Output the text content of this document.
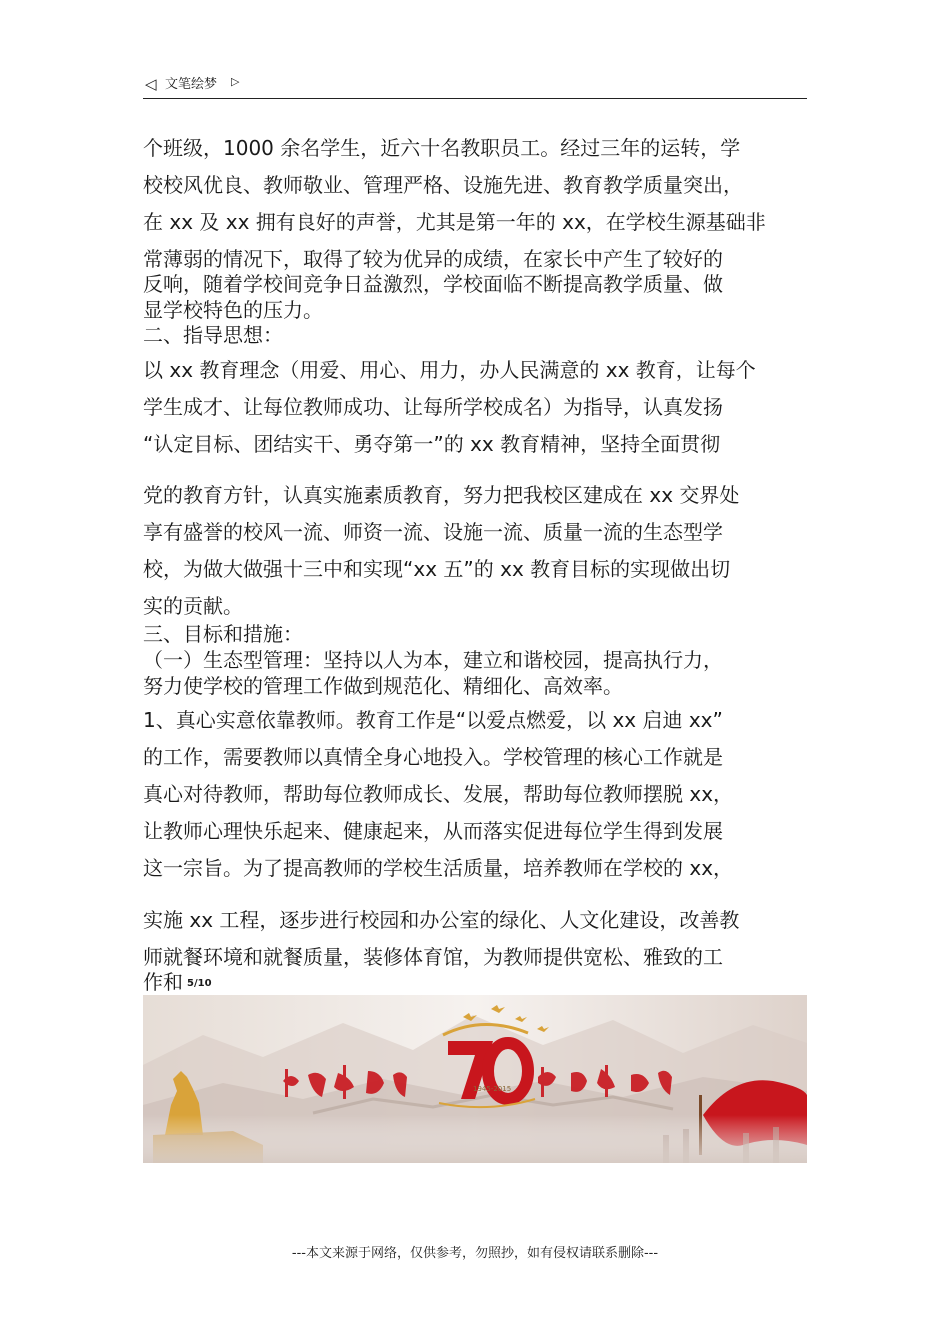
◁ 文笔绘梦 ▷
个班级，1000 余名学生，近六十名教职员工。经过三年的运转，学
校校风优良、教师敬业、管理严格、设施先进、教育教学质量突出，
在 xx 及 xx 拥有良好的声誉，尤其是第一年的 xx，在学校生源基础非
常薄弱的情况下，取得了较为优异的成绩，在家长中产生了较好的
反响，随着学校间竞争日益激烈，学校面临不断提高教学质量、做
显学校特色的压力。
二、指导思想：
以 xx 教育理念（用爱、用心、用力，办人民满意的 xx 教育，让每个
学生成才、让每位教师成功、让每所学校成名）为指导，认真发扬
“认定目标、团结实干、勇夺第一”的 xx 教育精神，坚持全面贯彻
党的教育方针，认真实施素质教育，努力把我校区建成在 xx 交界处
享有盛誉的校风一流、师资一流、设施一流、质量一流的生态型学
校，为做大做强十三中和实现“xx 五”的 xx 教育目标的实现做出切
实的贡献。
三、目标和措施：
（一）生态型管理：坚持以人为本，建立和谐校园，提高执行力，
努力使学校的管理工作做到规范化、精细化、高效率。
1、真心实意依靠教师。教育工作是“以爱点燃爱，以 xx 启迪 xx”
的工作，需要教师以真情全身心地投入。学校管理的核心工作就是
真心对待教师，帮助每位教师成长、发展，帮助每位教师摆脱 xx，
让教师心理快乐起来、健康起来，从而落实促进每位学生得到发展
这一宗旨。为了提高教师的学校生活质量，培养教师在学校的 xx，
实施 xx 工程，逐步进行校园和办公室的绿化、人文化建设，改善教
师就餐环境和就餐质量，装修体育馆，为教师提供宽松、雅致的工
作和 5/10
1945-2015
---本文来源于网络，仅供参考，勿照抄，如有侵权请联系删除---
